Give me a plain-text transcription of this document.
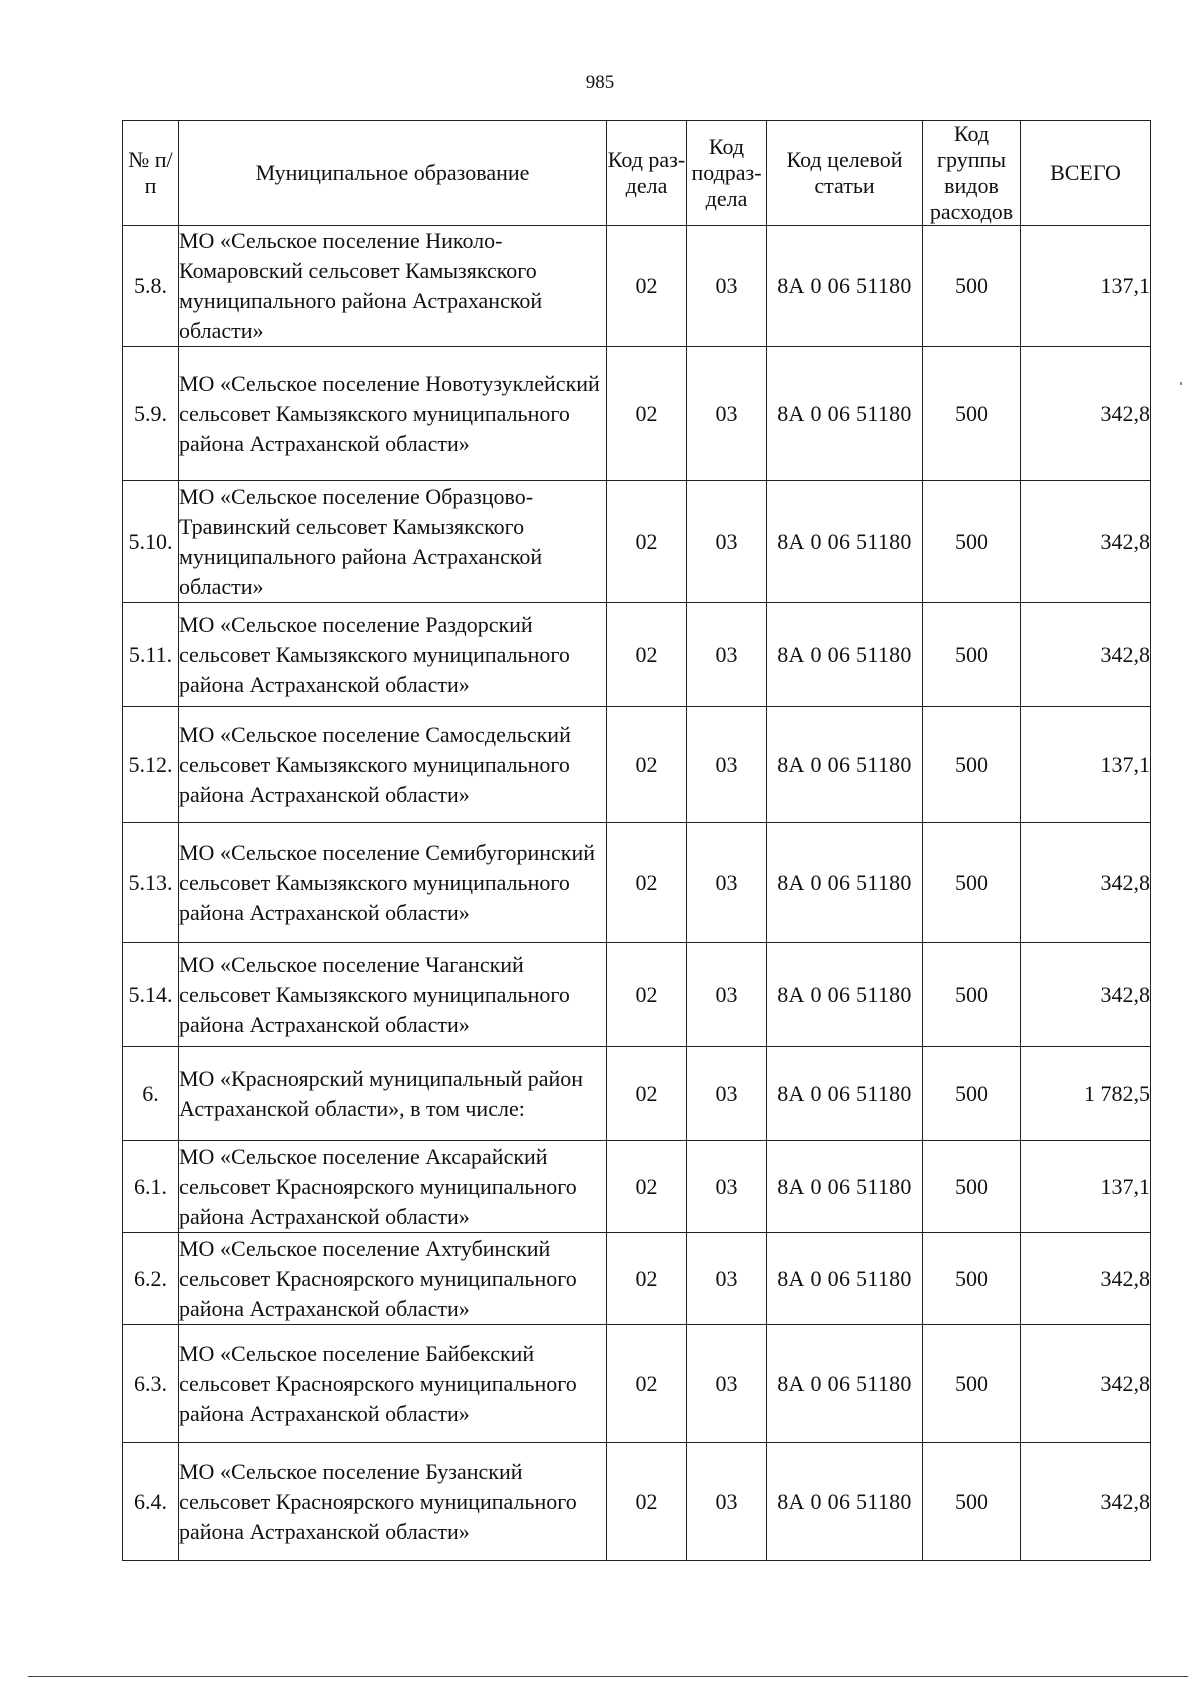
985
№ п/п	Муниципальное образование	Код раз- дела	Код подраз- дела	Код целевой статьи	Код группы видов расходов	ВСЕГО
5.8.	МО «Сельское поселение Николо-Комаровский сельсовет Камызякского муниципального района Астраханской области»	02	03	8А 0 06 51180	500	137,1
5.9.	МО «Сельское поселение Новотузуклейский сельсовет Камызякского муниципального района Астраханской области»	02	03	8А 0 06 51180	500	342,8
5.10.	МО «Сельское поселение Образцово-Травинский сельсовет Камызякского муниципального района Астраханской области»	02	03	8А 0 06 51180	500	342,8
5.11.	МО «Сельское поселение Раздорский сельсовет Камызякского муниципального района Астраханской области»	02	03	8А 0 06 51180	500	342,8
5.12.	МО «Сельское поселение Самосдельский сельсовет Камызякского муниципального района Астраханской области»	02	03	8А 0 06 51180	500	137,1
5.13.	МО «Сельское поселение Семибугоринский сельсовет Камызякского муниципального района Астраханской области»	02	03	8А 0 06 51180	500	342,8
5.14.	МО «Сельское поселение Чаганский сельсовет Камызякского муниципального района Астраханской области»	02	03	8А 0 06 51180	500	342,8
6.	МО «Красноярский муниципальный район Астраханской области», в том числе:	02	03	8А 0 06 51180	500	1 782,5
6.1.	МО «Сельское поселение Аксарайский сельсовет Красноярского муниципального района Астраханской области»	02	03	8А 0 06 51180	500	137,1
6.2.	МО «Сельское поселение Ахтубинский сельсовет Красноярского муниципального района Астраханской области»	02	03	8А 0 06 51180	500	342,8
6.3.	МО «Сельское поселение Байбекский сельсовет Красноярского муниципального района Астраханской области»	02	03	8А 0 06 51180	500	342,8
6.4.	МО «Сельское поселение Бузанский сельсовет Красноярского муниципального района Астраханской области»	02	03	8А 0 06 51180	500	342,8
